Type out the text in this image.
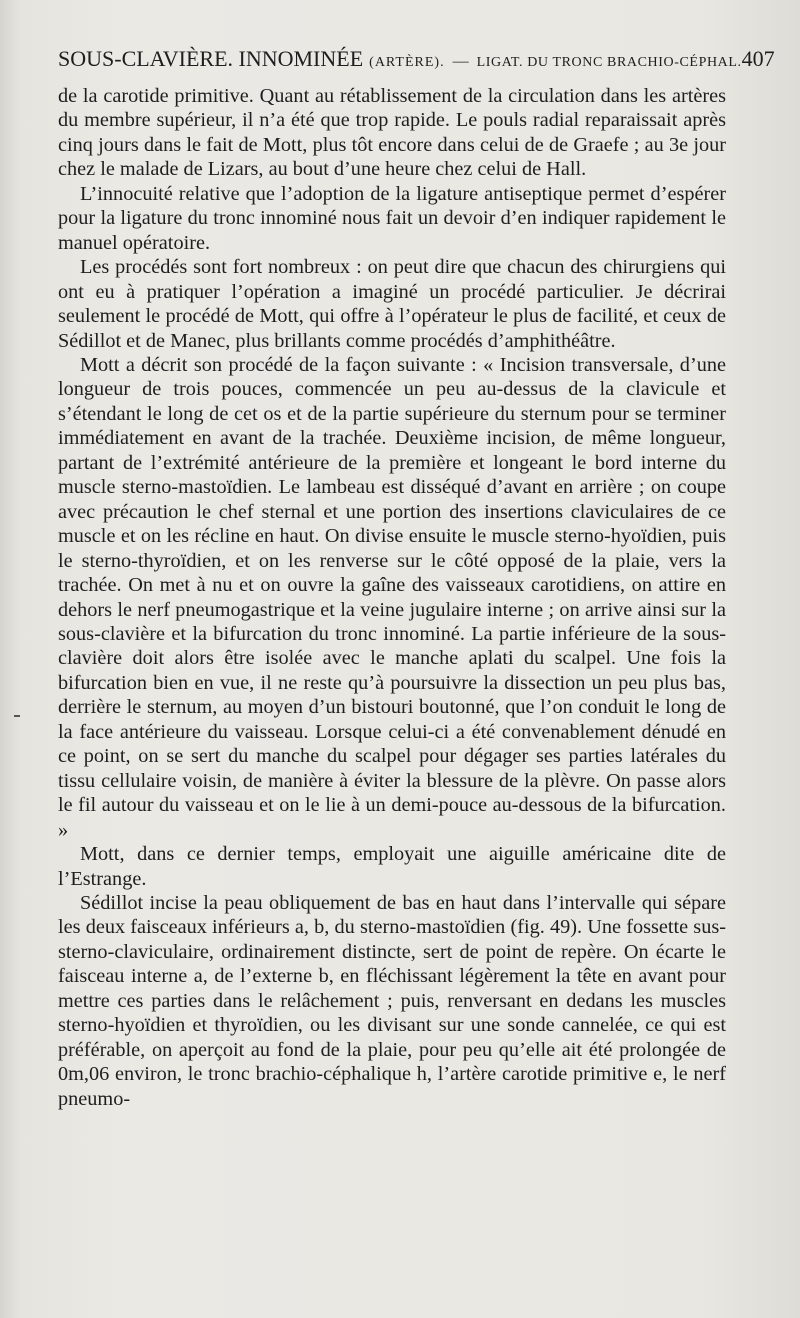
SOUS-CLAVIÈRE. INNOMINÉE (ARTÈRE). — LIGAT. DU TRONC BRACHIO-CÉPHAL. 407

de la carotide primitive. Quant au rétablissement de la circulation dans les artères du membre supérieur, il n’a été que trop rapide. Le pouls radial reparaissait après cinq jours dans le fait de Mott, plus tôt encore dans celui de de Graefe ; au 3e jour chez le malade de Lizars, au bout d’une heure chez celui de Hall.

L’innocuité relative que l’adoption de la ligature antiseptique permet d’espérer pour la ligature du tronc innominé nous fait un devoir d’en indiquer rapidement le manuel opératoire.

Les procédés sont fort nombreux : on peut dire que chacun des chirurgiens qui ont eu à pratiquer l’opération a imaginé un procédé particulier. Je décrirai seulement le procédé de Mott, qui offre à l’opérateur le plus de facilité, et ceux de Sédillot et de Manec, plus brillants comme procédés d’amphithéâtre.

Mott a décrit son procédé de la façon suivante : « Incision transversale, d’une longueur de trois pouces, commencée un peu au-dessus de la clavicule et s’étendant le long de cet os et de la partie supérieure du sternum pour se terminer immédiatement en avant de la trachée. Deuxième incision, de même longueur, partant de l’extrémité antérieure de la première et longeant le bord interne du muscle sterno-mastoïdien. Le lambeau est disséqué d’avant en arrière ; on coupe avec précaution le chef sternal et une portion des insertions claviculaires de ce muscle et on les récline en haut. On divise ensuite le muscle sterno-hyoïdien, puis le sterno-thyroïdien, et on les renverse sur le côté opposé de la plaie, vers la trachée. On met à nu et on ouvre la gaîne des vaisseaux carotidiens, on attire en dehors le nerf pneumogastrique et la veine jugulaire interne ; on arrive ainsi sur la sous-clavière et la bifurcation du tronc innominé. La partie inférieure de la sous-clavière doit alors être isolée avec le manche aplati du scalpel. Une fois la bifurcation bien en vue, il ne reste qu’à poursuivre la dissection un peu plus bas, derrière le sternum, au moyen d’un bistouri boutonné, que l’on conduit le long de la face antérieure du vaisseau. Lorsque celui-ci a été convenablement dénudé en ce point, on se sert du manche du scalpel pour dégager ses parties latérales du tissu cellulaire voisin, de manière à éviter la blessure de la plèvre. On passe alors le fil autour du vaisseau et on le lie à un demi-pouce au-dessous de la bifurcation. »

Mott, dans ce dernier temps, employait une aiguille américaine dite de l’Estrange.

Sédillot incise la peau obliquement de bas en haut dans l’intervalle qui sépare les deux faisceaux inférieurs a, b, du sterno-mastoïdien (fig. 49). Une fossette sus-sterno-claviculaire, ordinairement distincte, sert de point de repère. On écarte le faisceau interne a, de l’externe b, en fléchissant légèrement la tête en avant pour mettre ces parties dans le relâchement ; puis, renversant en dedans les muscles sterno-hyoïdien et thyroïdien, ou les divisant sur une sonde cannelée, ce qui est préférable, on aperçoit au fond de la plaie, pour peu qu’elle ait été prolongée de 0m,06 environ, le tronc brachio-céphalique h, l’artère carotide primitive e, le nerf pneumo-
